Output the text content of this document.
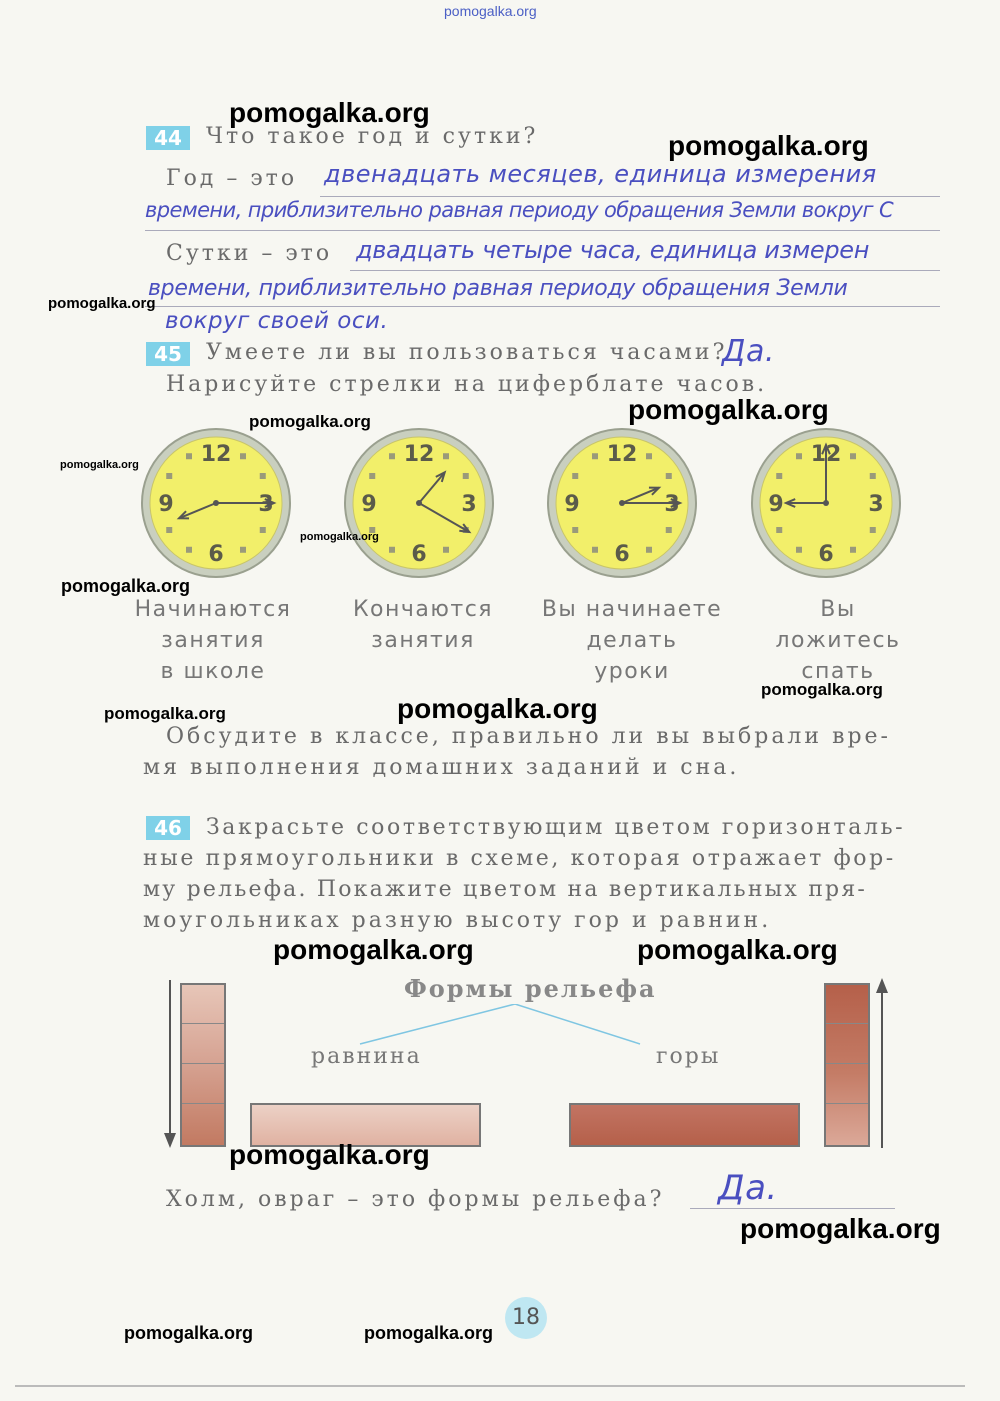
pomogalka.org
44	Что такое год и сутки?
Год – это двенадцать месяцев, единица измерения
времени, приблизительно равная периоду обращения Земли вокруг С
Сутки – это двадцать четыре часа, единица измерен
времени, приблизительно равная периоду обращения Земли
вокруг своей оси.
45	Умеете ли вы пользоваться часами?
Да.
Нарисуйте стрелки на циферблате часов.
12
3
6
9
12
3
6
9
12
3
6
9
12
3
6
9
Начинаются
занятия
в школе
Кончаются
занятия
Вы начинаете
делать
уроки
Вы
ложитесь
спать
Обсудите в классе, правильно ли вы выбрали вре-
мя выполнения домашних заданий и сна.
46	Закрасьте соответствующим цветом горизонталь-
ные прямоугольники в схеме, которая отражает фор-
му рельефа. Покажите цветом на вертикальных пря-
моугольниках разную высоту гор и равнин.
Формы рельефа
равнина	горы
Холм, овраг – это формы рельефа? Да.
18
pomogalka.org
pomogalka.org
pomogalka.org
pomogalka.org
pomogalka.org
pomogalka.org
pomogalka.org
pomogalka.org
pomogalka.org
pomogalka.org	pomogalka.org
pomogalka.org	pomogalka.org
pomogalka.org
pomogalka.org
pomogalka.org	pomogalka.org
